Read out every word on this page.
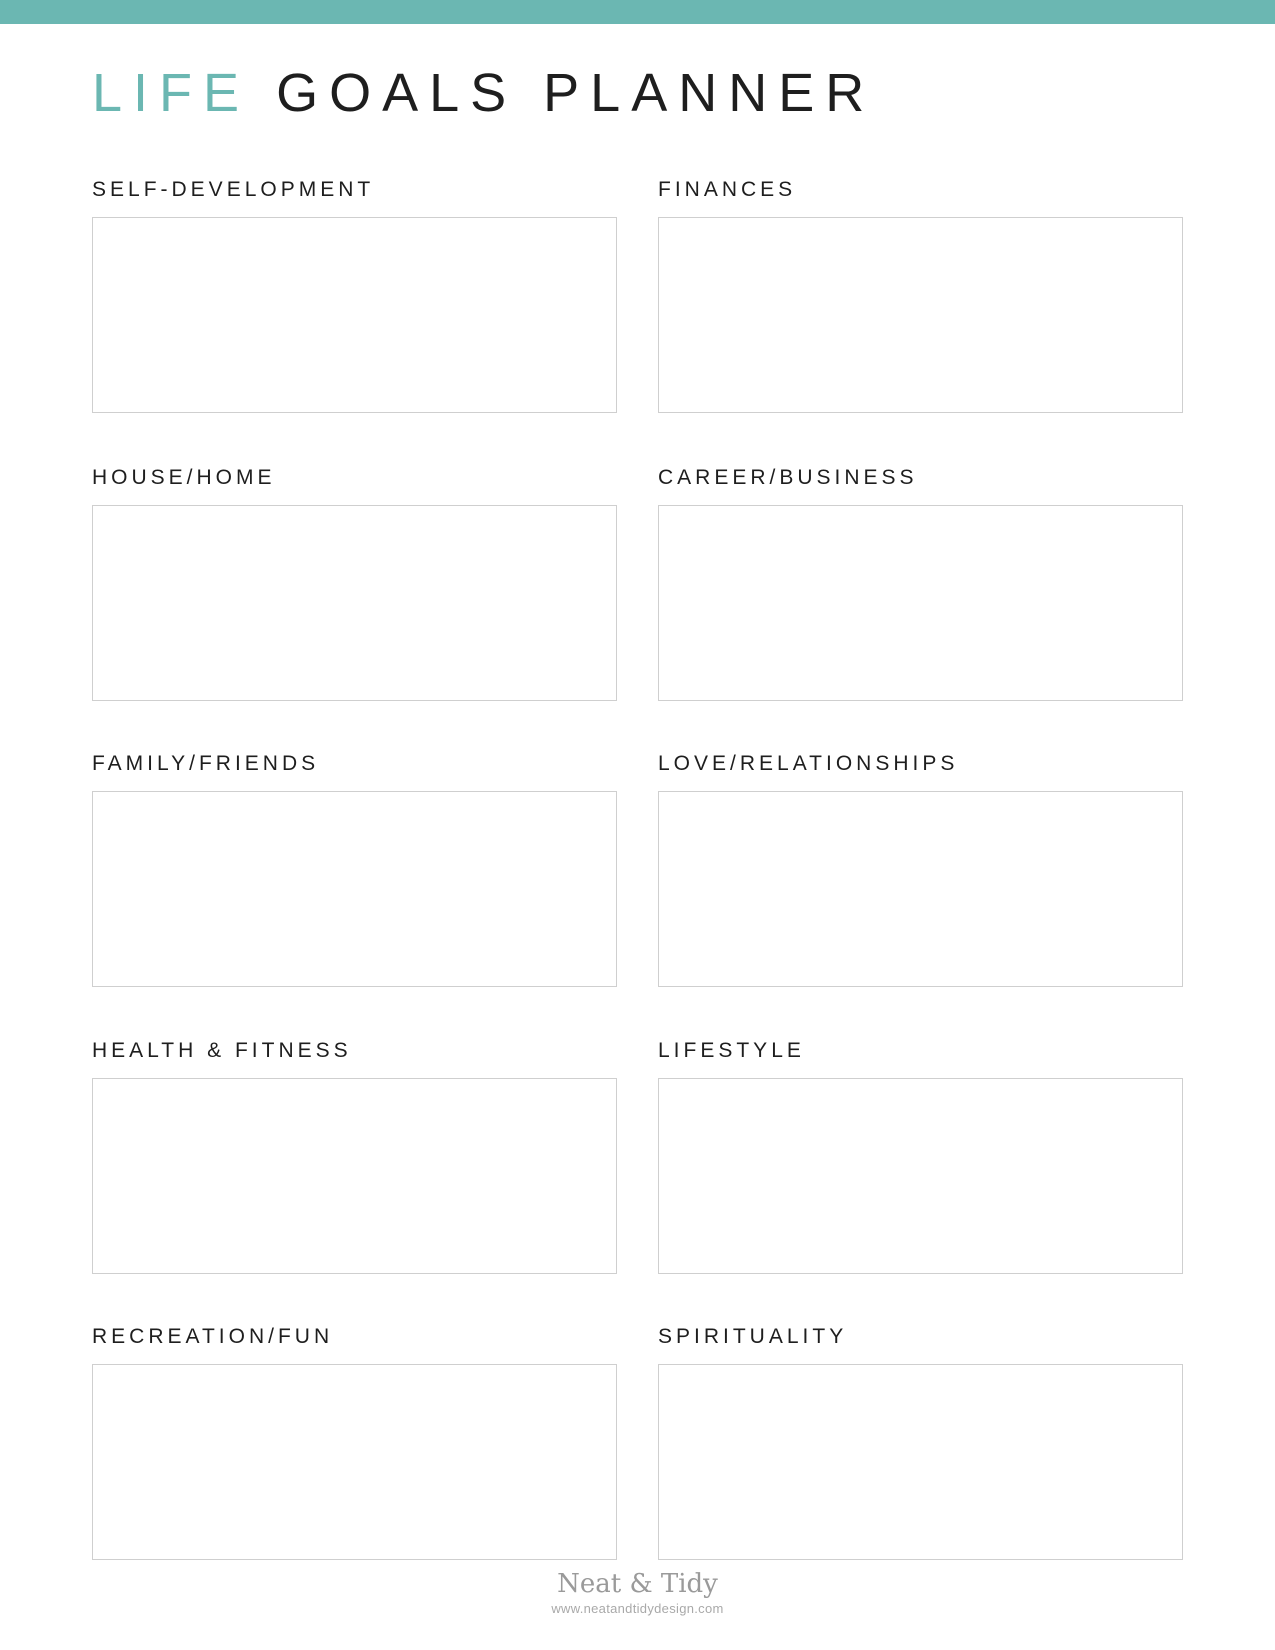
LIFE GOALS PLANNER
SELF-DEVELOPMENT	FINANCES
HOUSE/HOME	CAREER/BUSINESS
FAMILY/FRIENDS	LOVE/RELATIONSHIPS
HEALTH & FITNESS	LIFESTYLE
RECREATION/FUN	SPIRITUALITY
Neat & Tidy
www.neatandtidydesign.com
